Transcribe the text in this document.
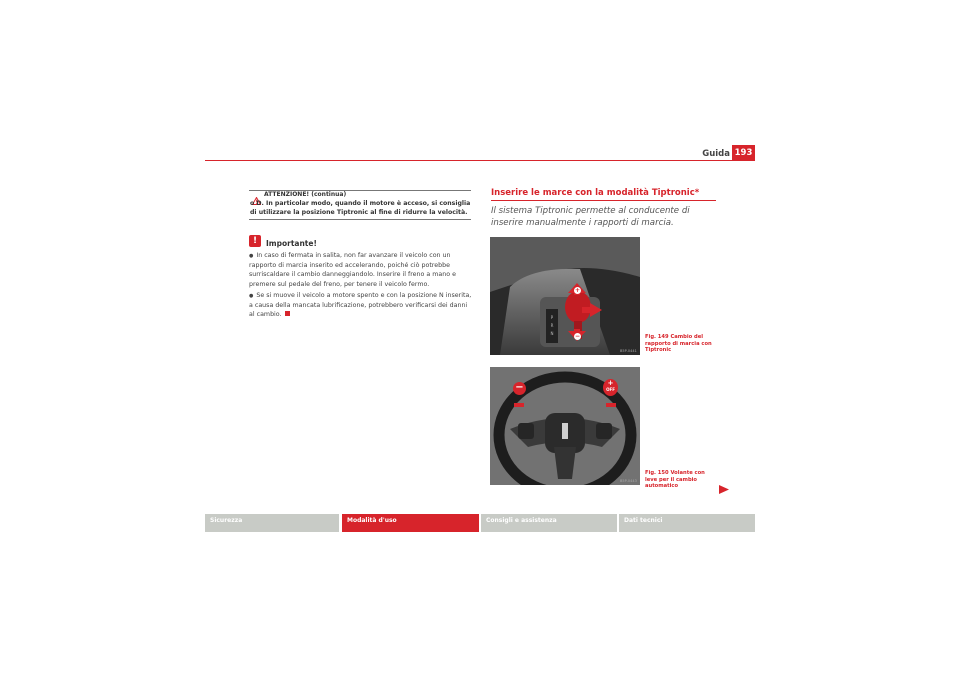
Guida 193
ATTENZIONE! (continua)
o D. In particolar modo, quando il motore è acceso, si consiglia di utilizzare la posizione Tiptronic al fine di ridurre la velocità.
!	Importante!

● In caso di fermata in salita, non far avanzare il veicolo con un rapporto di marcia inserito ed accelerando, poiché ciò potrebbe surriscaldare il cambio danneggiandolo. Inserire il freno a mano e premere sul pedale del freno, per tenere il veicolo fermo.

● Se si muove il veicolo a motore spento e con la posizione N inserita, a causa della mancata lubrificazione, potrebbero verificarsi dei danni al cambio.

Inserire le marce con la modalità Tiptronic*
Il sistema Tiptronic permette al conducente di inserire manualmente i rapporti di marcia.
P
R
N
+
−
B5P-0441
Fig. 149 Cambio del rapporto di marcia con Tiptronic
−	+
OFF
B5P-0443
Fig. 150 Volante con leve per il cambio automatico
Sicurezza	Modalità d'uso	Consigli e assistenza	Dati tecnici
